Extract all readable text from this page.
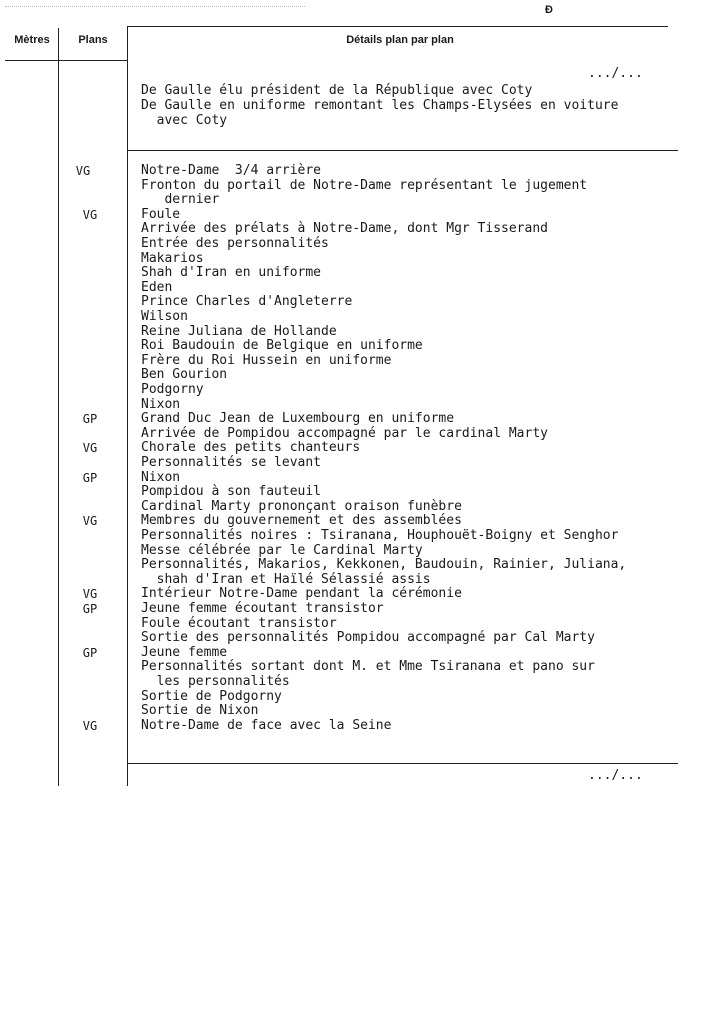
Đ
Mètres	Plans	Détails plan par plan
.../...
De Gaulle élu président de la République avec Coty
De Gaulle en uniforme remontant les Champs-Elysées en voiture
avec Coty
VG	Notre-Dame  3/4 arrière
Fronton du portail de Notre-Dame représentant le jugement
dernier
VG	Foule
Arrivée des prélats à Notre-Dame, dont Mgr Tisserand
Entrée des personnalités
Makarios
Shah d'Iran en uniforme
Eden
Prince Charles d'Angleterre
Wilson
Reine Juliana de Hollande
Roi Baudouin de Belgique en uniforme
Frère du Roi Hussein en uniforme
Ben Gourion
Podgorny
Nixon
GP	Grand Duc Jean de Luxembourg en uniforme
Arrivée de Pompidou accompagné par le cardinal Marty
VG	Chorale des petits chanteurs
Personnalités se levant
GP	Nixon
Pompidou à son fauteuil
Cardinal Marty prononçant oraison funèbre
VG	Membres du gouvernement et des assemblées
Personnalités noires : Tsiranana, Houphouët-Boigny et Senghor
Messe célébrée par le Cardinal Marty
Personnalités, Makarios, Kekkonen, Baudouin, Rainier, Juliana,
shah d'Iran et Haïlé Sélassié assis
VG	Intérieur Notre-Dame pendant la cérémonie
GP	Jeune femme écoutant transistor
Foule écoutant transistor
Sortie des personnalités Pompidou accompagné par Cal Marty
GP	Jeune femme
Personnalités sortant dont M. et Mme Tsiranana et pano sur
les personnalités
Sortie de Podgorny
Sortie de Nixon
VG	Notre-Dame de face avec la Seine
.../...
